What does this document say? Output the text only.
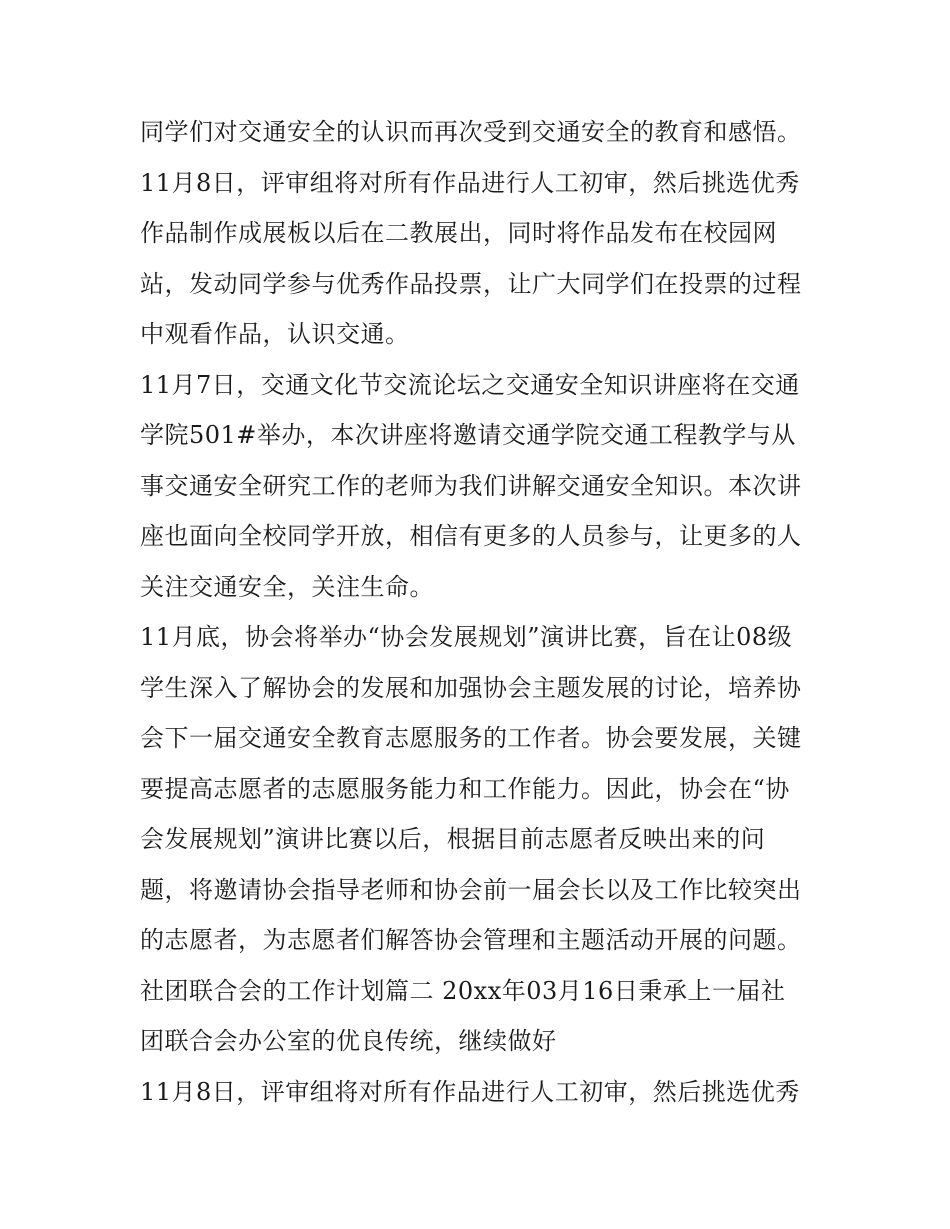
同学们对交通安全的认识而再次受到交通安全的教育和感悟。
11月8日，评审组将对所有作品进行人工初审，然后挑选优秀
作品制作成展板以后在二教展出，同时将作品发布在校园网
站，发动同学参与优秀作品投票，让广大同学们在投票的过程
中观看作品，认识交通。
11月7日，交通文化节交流论坛之交通安全知识讲座将在交通
学院501#举办，本次讲座将邀请交通学院交通工程教学与从
事交通安全研究工作的老师为我们讲解交通安全知识。本次讲
座也面向全校同学开放，相信有更多的人员参与，让更多的人
关注交通安全，关注生命。
11月底，协会将举办“协会发展规划”演讲比赛，旨在让08级
学生深入了解协会的发展和加强协会主题发展的讨论，培养协
会下一届交通安全教育志愿服务的工作者。协会要发展，关键
要提高志愿者的志愿服务能力和工作能力。因此，协会在“协
会发展规划”演讲比赛以后，根据目前志愿者反映出来的问
题，将邀请协会指导老师和协会前一届会长以及工作比较突出
的志愿者，为志愿者们解答协会管理和主题活动开展的问题。
社团联合会的工作计划篇二 20xx年03月16日秉承上一届社
团联合会办公室的优良传统，继续做好
11月8日，评审组将对所有作品进行人工初审，然后挑选优秀
